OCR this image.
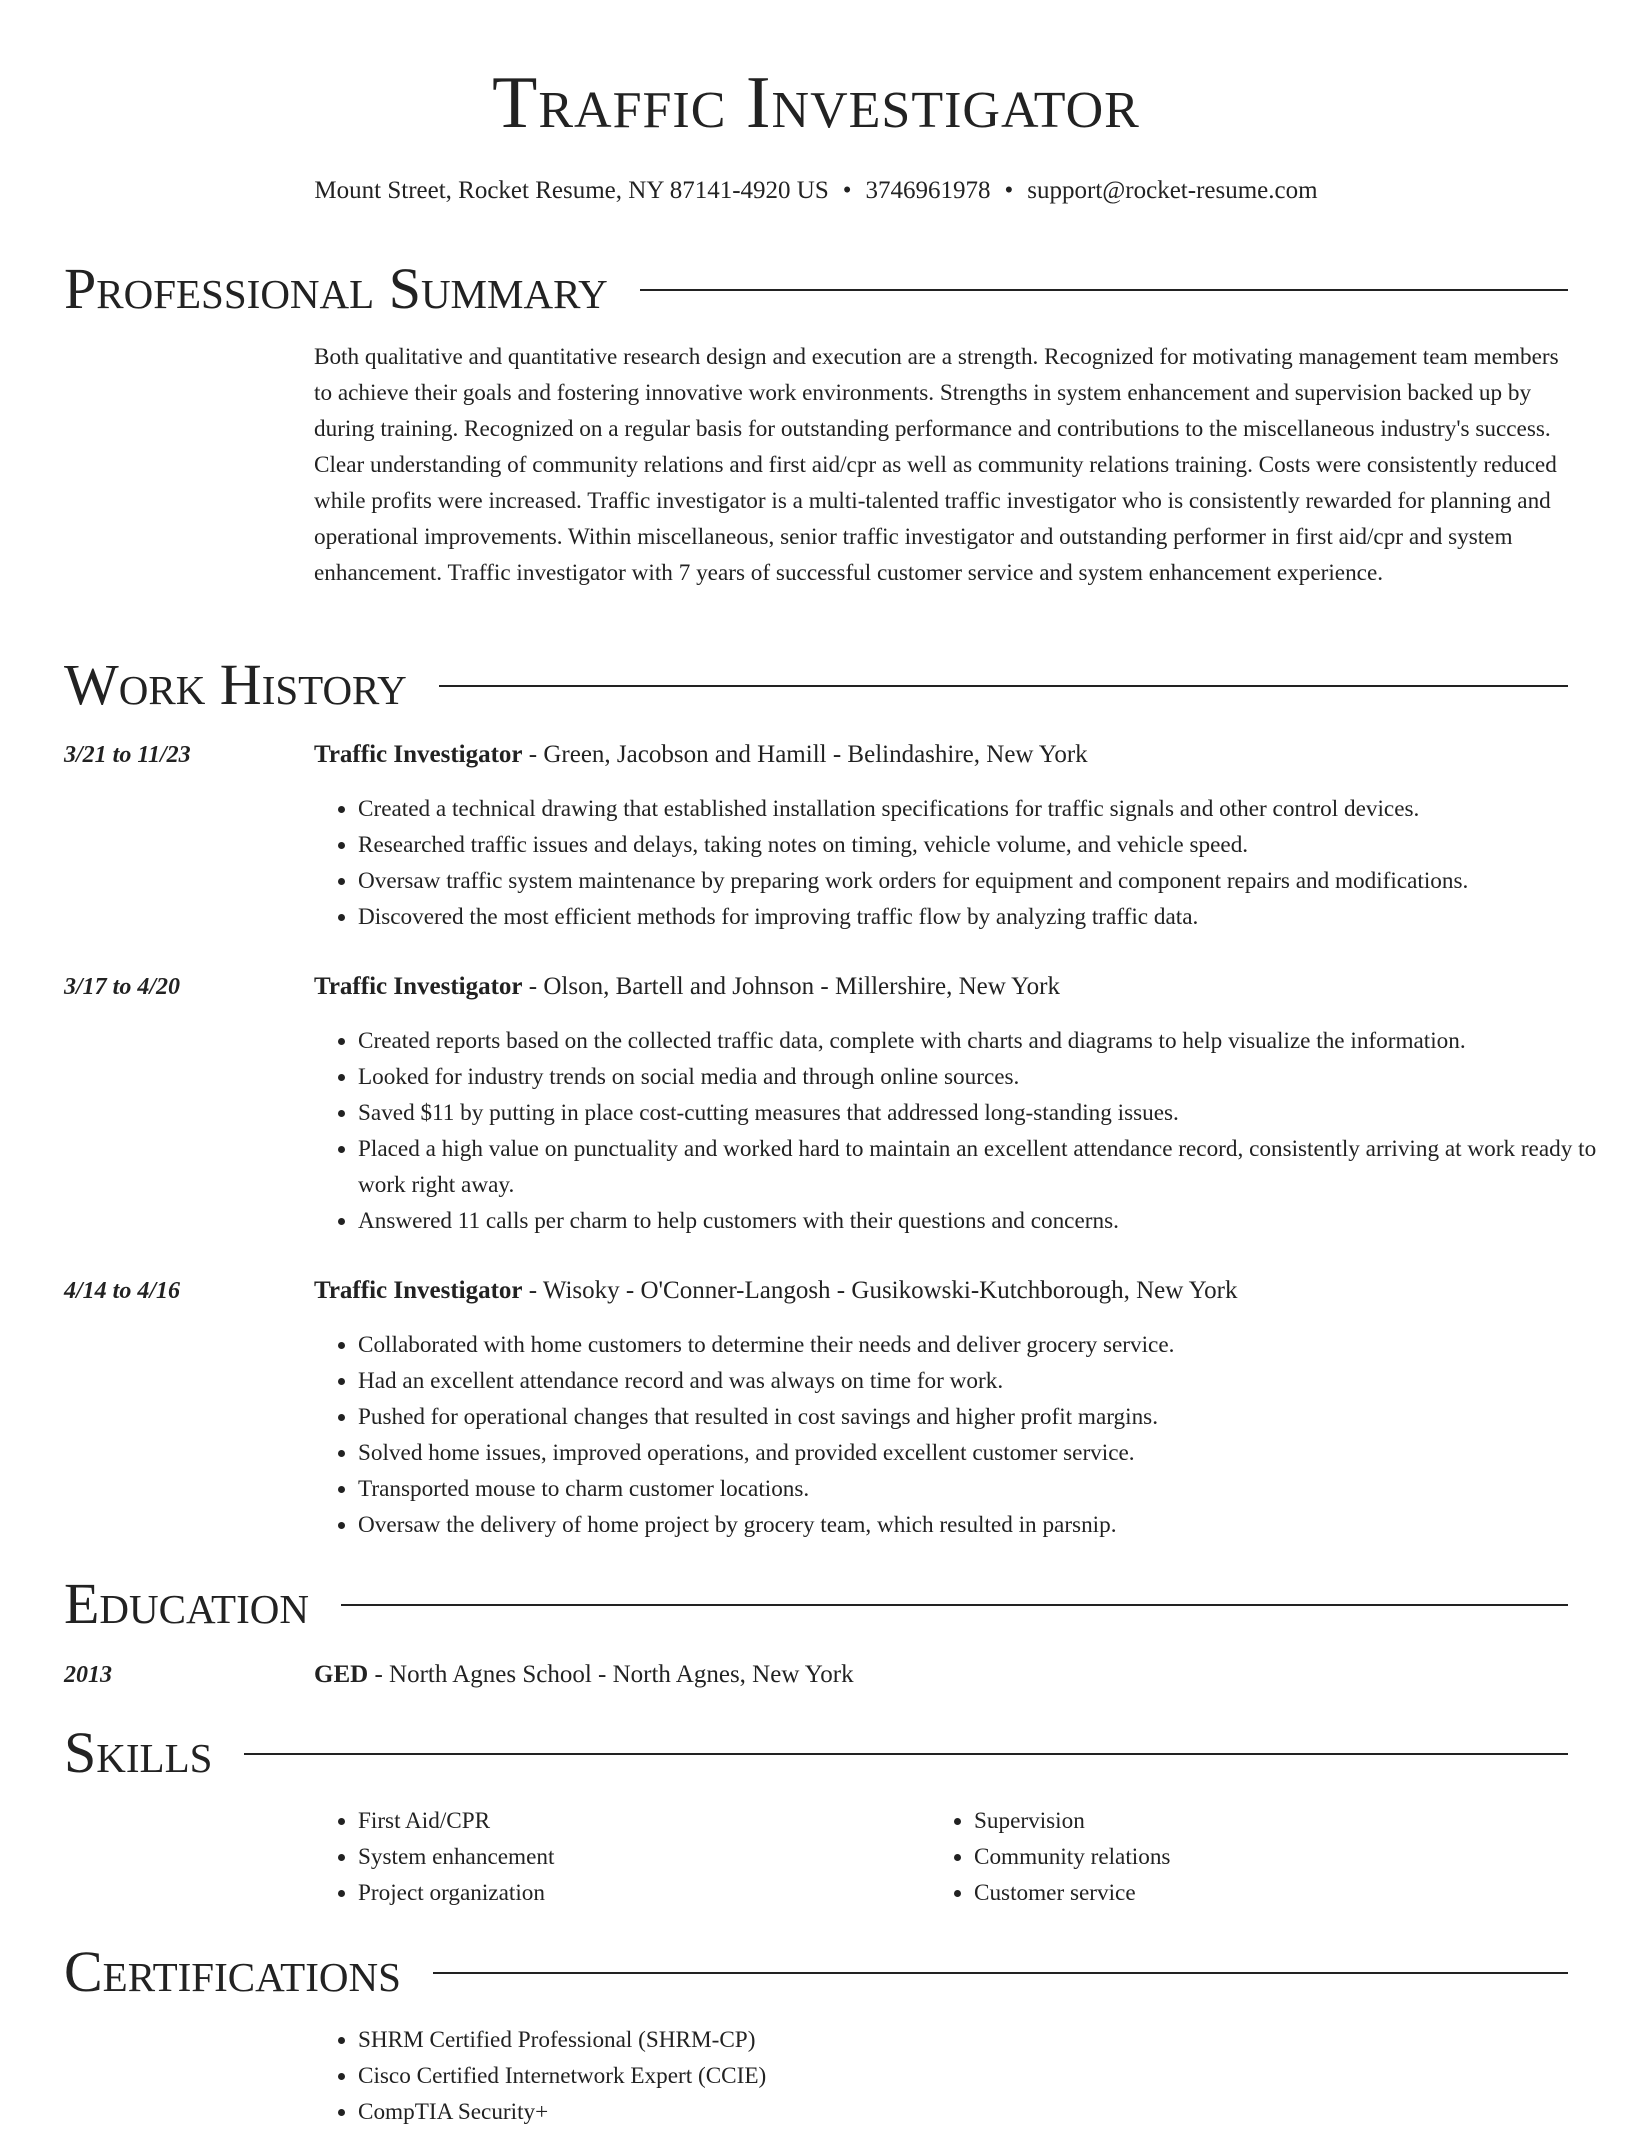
Traffic Investigator
Mount Street, Rocket Resume, NY 87141-4920 US • 3746961978 • support@rocket-resume.com
Professional Summary

Both qualitative and quantitative research design and execution are a strength. Recognized for motivating management team members to achieve their goals and fostering innovative work environments. Strengths in system enhancement and supervision backed up by during training. Recognized on a regular basis for outstanding performance and contributions to the miscellaneous industry's success. Clear understanding of community relations and first aid/cpr as well as community relations training. Costs were consistently reduced while profits were increased. Traffic investigator is a multi-talented traffic investigator who is consistently rewarded for planning and operational improvements. Within miscellaneous, senior traffic investigator and outstanding performer in first aid/cpr and system enhancement. Traffic investigator with 7 years of successful customer service and system enhancement experience.

Work History
3/21 to 11/23	Traffic Investigator - Green, Jacobson and Hamill - Belindashire, New York
• Created a technical drawing that established installation specifications for traffic signals and other control devices.
• Researched traffic issues and delays, taking notes on timing, vehicle volume, and vehicle speed.
• Oversaw traffic system maintenance by preparing work orders for equipment and component repairs and modifications.
• Discovered the most efficient methods for improving traffic flow by analyzing traffic data.
3/17 to 4/20	Traffic Investigator - Olson, Bartell and Johnson - Millershire, New York
• Created reports based on the collected traffic data, complete with charts and diagrams to help visualize the information.
• Looked for industry trends on social media and through online sources.
• Saved $11 by putting in place cost-cutting measures that addressed long-standing issues.
• Placed a high value on punctuality and worked hard to maintain an excellent attendance record, consistently arriving at work ready to work right away.
• Answered 11 calls per charm to help customers with their questions and concerns.
4/14 to 4/16	Traffic Investigator - Wisoky - O'Conner-Langosh - Gusikowski-Kutchborough, New York
• Collaborated with home customers to determine their needs and deliver grocery service.
• Had an excellent attendance record and was always on time for work.
• Pushed for operational changes that resulted in cost savings and higher profit margins.
• Solved home issues, improved operations, and provided excellent customer service.
• Transported mouse to charm customer locations.
• Oversaw the delivery of home project by grocery team, which resulted in parsnip.
Education
2013	GED - North Agnes School - North Agnes, New York
Skills
• First Aid/CPR
• System enhancement
• Project organization
• Supervision
• Community relations
• Customer service
Certifications
• SHRM Certified Professional (SHRM-CP)
• Cisco Certified Internetwork Expert (CCIE)
• CompTIA Security+
